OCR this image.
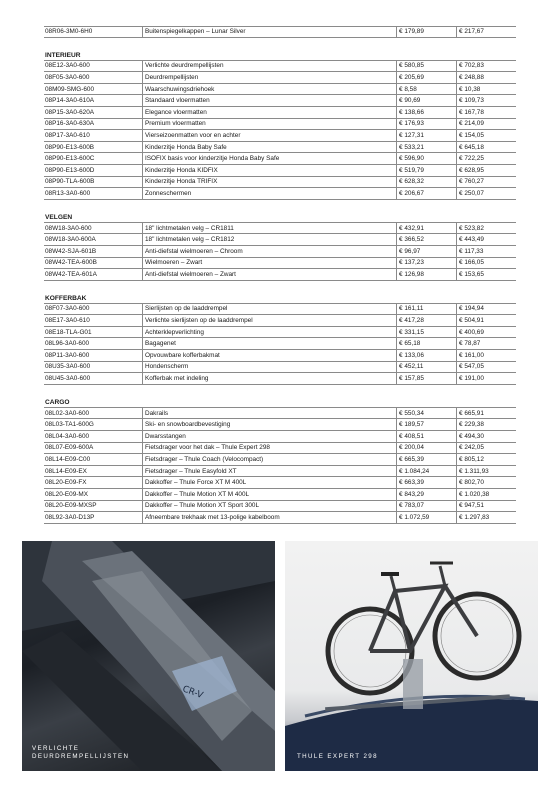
08R06-3M0-6H0	Buitenspiegelkappen – Lunar Silver	€ 179,89	€ 217,67
INTERIEUR
08E12-3A0-600	Verlichte deurdrempellijsten	€ 580,85	€ 702,83
08F05-3A0-600	Deurdrempellijsten	€ 205,69	€ 248,88
08M09-SMG-600	Waarschuwingsdriehoek	€ 8,58	€ 10,38
08P14-3A0-610A	Standaard vloermatten	€ 90,69	€ 109,73
08P15-3A0-620A	Elegance vloermatten	€ 138,66	€ 167,78
08P16-3A0-630A	Premium vloermatten	€ 176,93	€ 214,09
08P17-3A0-610	Vierseizoenmatten voor en achter	€ 127,31	€ 154,05
08P90-E13-600B	Kinderzitje Honda Baby Safe	€ 533,21	€ 645,18
08P90-E13-600C	ISOFIX basis voor kinderzitje Honda Baby Safe	€ 596,90	€ 722,25
08P90-E13-600D	Kinderzitje Honda KIDFIX	€ 519,79	€ 628,95
08P90-TLA-600B	Kinderzitje Honda TRIFIX	€ 628,32	€ 760,27
08R13-3A0-600	Zonneschermen	€ 206,67	€ 250,07
VELGEN
08W18-3A0-600	18" lichtmetalen velg – CR1811	€ 432,91	€ 523,82
08W18-3A0-600A	18" lichtmetalen velg – CR1812	€ 366,52	€ 443,49
08W42-SJA-601B	Anti-diefstal wielmoeren – Chroom	€ 96,97	€ 117,33
08W42-TEA-600B	Wielmoeren – Zwart	€ 137,23	€ 166,05
08W42-TEA-601A	Anti-diefstal wielmoeren – Zwart	€ 126,98	€ 153,65
KOFFERBAK
08F07-3A0-600	Sierlijsten op de laaddrempel	€ 161,11	€ 194,94
08E17-3A0-610	Verlichte sierlijsten op de laaddrempel	€ 417,28	€ 504,91
08E18-TLA-G01	Achterklepverlichting	€ 331,15	€ 400,69
08L96-3A0-600	Bagagenet	€ 65,18	€ 78,87
08P11-3A0-600	Opvouwbare kofferbakmat	€ 133,06	€ 161,00
08U35-3A0-600	Hondenscherm	€ 452,11	€ 547,05
08U45-3A0-600	Kofferbak met indeling	€ 157,85	€ 191,00
CARGO
08L02-3A0-600	Dakrails	€ 550,34	€ 665,91
08L03-TA1-600G	Ski- en snowboardbevestiging	€ 189,57	€ 229,38
08L04-3A0-600	Dwarsstangen	€ 408,51	€ 494,30
08L07-E09-600A	Fietsdrager voor het dak – Thule Expert 298	€ 200,04	€ 242,05
08L14-E09-C00	Fietsdrager – Thule Coach (Velocompact)	€ 665,39	€ 805,12
08L14-E09-EX	Fietsdrager – Thule Easyfold XT	€ 1.084,24	€ 1.311,93
08L20-E09-FX	Dakkoffer – Thule Force XT M 400L	€ 663,39	€ 802,70
08L20-E09-MX	Dakkoffer – Thule Motion XT M 400L	€ 843,29	€ 1.020,38
08L20-E09-MXSP	Dakkoffer – Thule Motion XT Sport 300L	€ 783,07	€ 947,51
08L92-3A0-D13P	Afneembare trekhaak met 13-polige kabelboom	€ 1.072,59	€ 1.297,83
CR-V
VERLICHTE
DEURDREMPELLIJSTEN	THULE EXPERT 298
